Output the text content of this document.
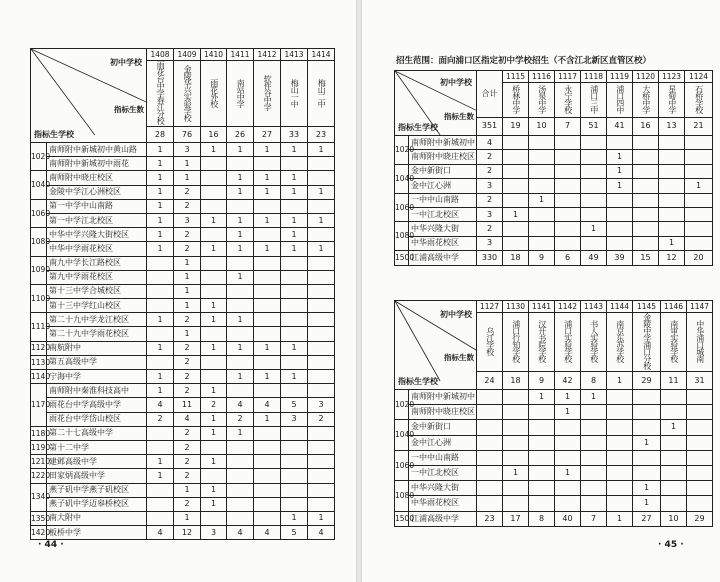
初中学校
指标生数
指标生学校		1408	1409	1410	1411	1412	1413	1414
		雨花台中学春江分校	金陵华兴实验学校	雨花外校	南站中学	软件谷中学	梅山一中	梅山二中
		28	76	16	26	27	33	23
1020	南师附中新城初中黄山路	1	3	1	1	1	1	1
	南师附中新城初中雨花	1	1					
1040	南师附中晓庄校区	1	1		1	1	1	
	金陵中学江心洲校区	1	2		1	1	1	1
1060	第一中学中山南路	1	2					
	第一中学江北校区	1	3	1	1	1	1	1
1080	中华中学兴隆大街校区	1	2		1		1	
	中华中学雨花校区	1	2	1	1	1	1	1
1090	南九中学长江路校区		1					
	第九中学雨花校区		1		1			
1100	第十三中学合城校区		1					
	第十三中学红山校区		1	1				
1110	第二十九中学龙江校区	1	2	1	1			
	第二十九中学雨花校区		1					
1120	南航附中	1	2	1	1	1	1	
1130	第五高级中学		2					
1140	宁海中学	1	2		1	1	1	
1170	南师附中秦淮科技高中	1	2	1				
	雨花台中学高级中学	4	11	2	4	4	5	3
	雨花台中学岱山校区	2	4	1	2	1	3	2
1180	第二十七高级中学		2	1	1			
1190	第十二中学		2					
1210	建邺高级中学	1	2	1				
1220	田家炳高级中学	1	2					
1340	燕子矶中学燕子矶校区		1	1				
	燕子矶中学迈皋桥校区		2	1				
1350	南大附中		1				1	1
1420	板桥中学	4	12	3	4	4	5	4
· 44 ·
招生范围：面向浦口区指定初中学校招生（不含江北新区直管区校）
初中学校
指标生数
指标生学校		合计	1115	1116	1117	1118	1119	1120	1123	1124
			桥林中学	汤泉中学	永宁学校	浦口三中	浦口四中	大桥中学	星甸中学	石桥学校
		351	19	10	7	51	41	16	13	21
1020	南师附中新城初中	4								
	南师附中晓庄校区	2					1			
1040	金中新街口	2					1			
	金中江心洲	3					1			1
1060	一中中山南路	2		1						
	一中江北校区	3	1							
1080	中华兴隆大街	2				1				
	中华雨花校区	3							1	
1500	江浦高级中学	330	18	9	6	49	39	15	12	20
初中学校
指标生数
指标生学校		1127	1130	1141	1142	1143	1144	1145	1146	1147
		乌江学校	浦口行知学校	汉开书院学校	浦口实验学校	书人实验学校	南京东苏学校	金陵中学浦口分校	南审实验学校	中华浦口城南
		24	18	9	42	8	1	29	11	31
1020	南师附中新城初中			1	1	1				
	南师附中晓庄校区				1					
1040	金中新街口								1	
	金中江心洲							1		
1060	一中中山南路									
	一中江北校区		1		1					
1080	中华兴隆大街							1		
	中华雨花校区							1		
1500	江浦高级中学	23	17	8	40	7	1	27	10	29
· 45 ·
